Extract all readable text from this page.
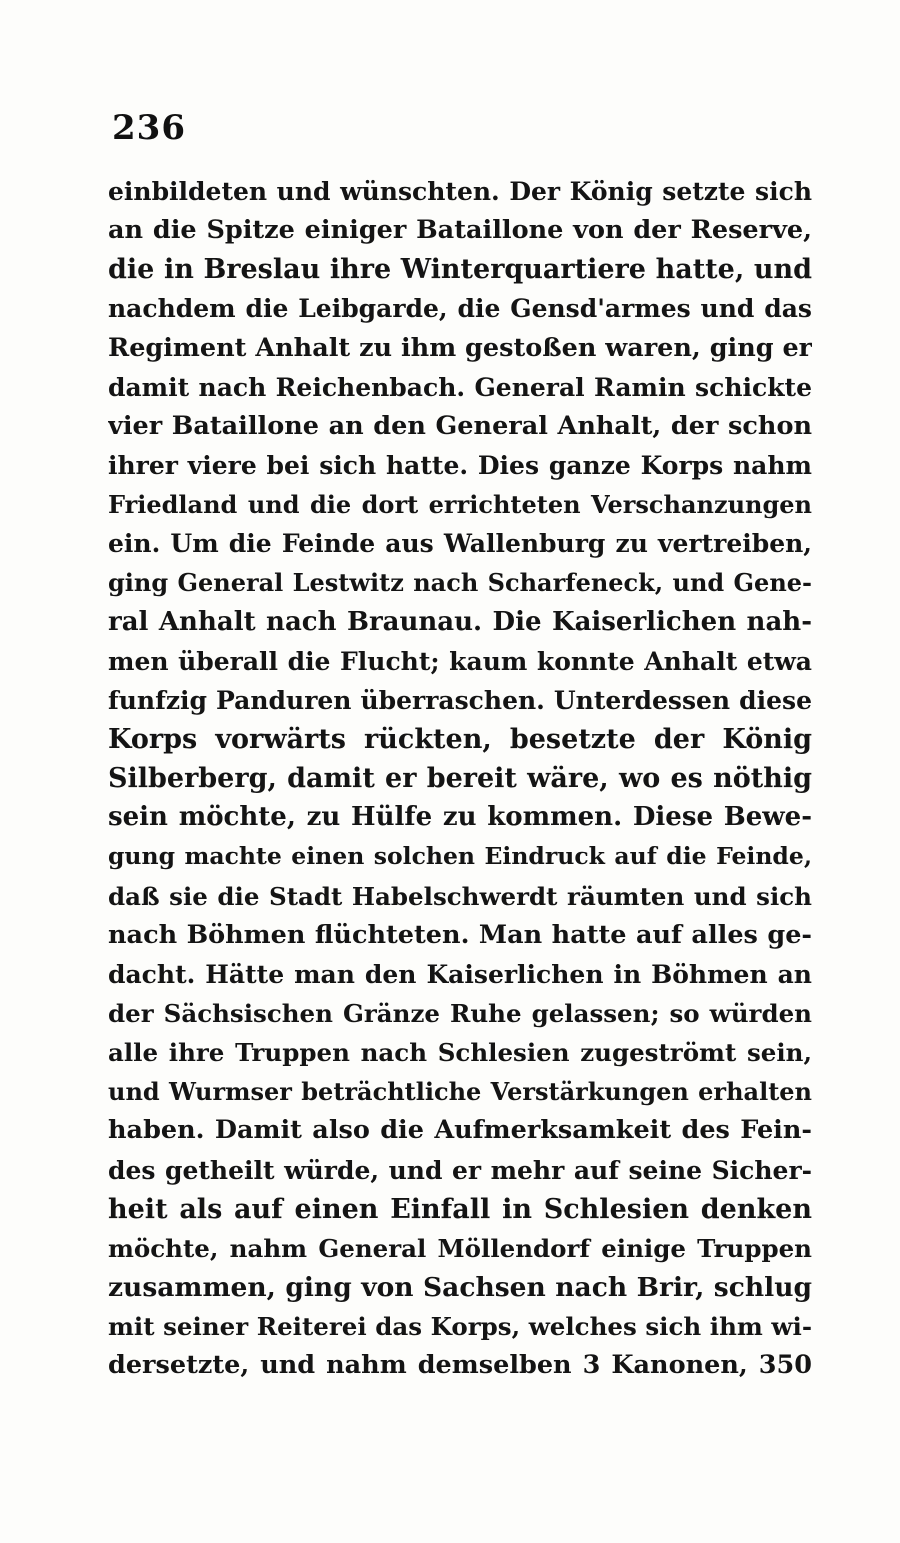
236
einbildeten und wünschten. Der König setzte sich
an die Spitze einiger Bataillone von der Reserve,
die in Breslau ihre Winterquartiere hatte, und
nachdem die Leibgarde, die Gensd'armes und das
Regiment Anhalt zu ihm gestoßen waren, ging er
damit nach Reichenbach. General Ramin schickte
vier Bataillone an den General Anhalt, der schon
ihrer viere bei sich hatte. Dies ganze Korps nahm
Friedland und die dort errichteten Verschanzungen
ein. Um die Feinde aus Wallenburg zu vertreiben,
ging General Lestwitz nach Scharfeneck, und Gene-
ral Anhalt nach Braunau. Die Kaiserlichen nah-
men überall die Flucht; kaum konnte Anhalt etwa
funfzig Panduren überraschen. Unterdessen diese
Korps vorwärts rückten, besetzte der König
Silberberg, damit er bereit wäre, wo es nöthig
sein möchte, zu Hülfe zu kommen. Diese Bewe-
gung machte einen solchen Eindruck auf die Feinde,
daß sie die Stadt Habelschwerdt räumten und sich
nach Böhmen flüchteten. Man hatte auf alles ge-
dacht. Hätte man den Kaiserlichen in Böhmen an
der Sächsischen Gränze Ruhe gelassen; so würden
alle ihre Truppen nach Schlesien zugeströmt sein,
und Wurmser beträchtliche Verstärkungen erhalten
haben. Damit also die Aufmerksamkeit des Fein-
des getheilt würde, und er mehr auf seine Sicher-
heit als auf einen Einfall in Schlesien denken
möchte, nahm General Möllendorf einige Truppen
zusammen, ging von Sachsen nach Brir, schlug
mit seiner Reiterei das Korps, welches sich ihm wi-
dersetzte, und nahm demselben 3 Kanonen, 350
